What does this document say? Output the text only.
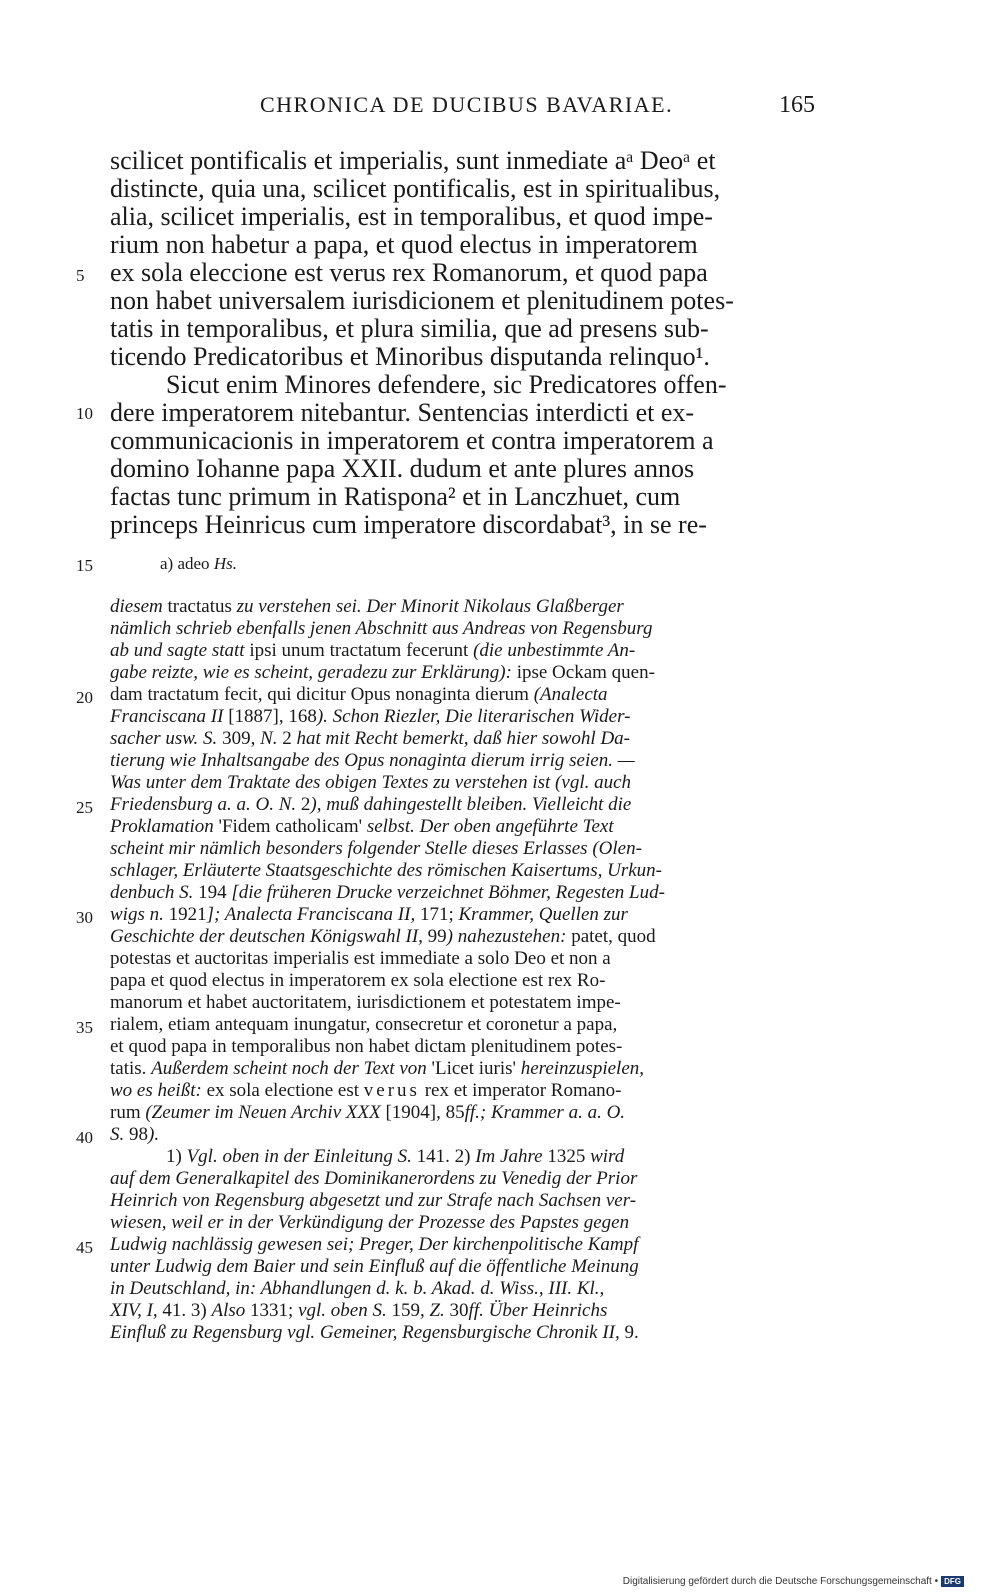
CHRONICA DE DUCIBUS BAVARIAE.	165
scilicet pontificalis et imperialis, sunt inmediate aᵃ Deoᵃ et
distincte, quia una, scilicet pontificalis, est in spiritualibus,
alia, scilicet imperialis, est in temporalibus, et quod impe-
rium non habetur a papa, et quod electus in imperatorem
ex sola eleccione est verus rex Romanorum, et quod papa
non habet universalem iurisdicionem et plenitudinem potes-
tatis in temporalibus, et plura similia, que ad presens sub-
ticendo Predicatoribus et Minoribus disputanda relinquo¹.
Sicut enim Minores defendere, sic Predicatores offen-
dere imperatorem nitebantur. Sentencias interdicti et ex-
communicacionis in imperatorem et contra imperatorem a
domino Iohanne papa XXII. dudum et ante plures annos
factas tunc primum in Ratispona² et in Lanczhuet, cum
princeps Heinricus cum imperatore discordabat³, in se re-
5
10
15	a) adeo Hs.
diesem tractatus zu verstehen sei. Der Minorit Nikolaus Glaßberger
nämlich schrieb ebenfalls jenen Abschnitt aus Andreas von Regensburg
ab und sagte statt ipsi unum tractatum fecerunt (die unbestimmte An-
gabe reizte, wie es scheint, geradezu zur Erklärung): ipse Ockam quen-
dam tractatum fecit, qui dicitur Opus nonaginta dierum (Analecta
Franciscana II [1887], 168). Schon Riezler, Die literarischen Wider-
sacher usw. S. 309, N. 2 hat mit Recht bemerkt, daß hier sowohl Da-
tierung wie Inhaltsangabe des Opus nonaginta dierum irrig seien. —
Was unter dem Traktate des obigen Textes zu verstehen ist (vgl. auch
Friedensburg a. a. O. N. 2), muß dahingestellt bleiben. Vielleicht die
Proklamation 'Fidem catholicam' selbst. Der oben angeführte Text
scheint mir nämlich besonders folgender Stelle dieses Erlasses (Olen-
schlager, Erläuterte Staatsgeschichte des römischen Kaisertums, Urkun-
denbuch S. 194 [die früheren Drucke verzeichnet Böhmer, Regesten Lud-
wigs n. 1921]; Analecta Franciscana II, 171; Krammer, Quellen zur
Geschichte der deutschen Königswahl II, 99) nahezustehen: patet, quod
potestas et auctoritas imperialis est immediate a solo Deo et non a
papa et quod electus in imperatorem ex sola electione est rex Ro-
manorum et habet auctoritatem, iurisdictionem et potestatem impe-
rialem, etiam antequam inungatur, consecretur et coronetur a papa,
et quod papa in temporalibus non habet dictam plenitudinem potes-
tatis. Außerdem scheint noch der Text von 'Licet iuris' hereinzuspielen,
wo es heißt: ex sola electione est verus rex et imperator Romano-
rum (Zeumer im Neuen Archiv XXX [1904], 85ff.; Krammer a. a. O.
S. 98).
1) Vgl. oben in der Einleitung S. 141. 2) Im Jahre 1325 wird
auf dem Generalkapitel des Dominikanerordens zu Venedig der Prior
Heinrich von Regensburg abgesetzt und zur Strafe nach Sachsen ver-
wiesen, weil er in der Verkündigung der Prozesse des Papstes gegen
Ludwig nachlässig gewesen sei; Preger, Der kirchenpolitische Kampf
unter Ludwig dem Baier und sein Einfluß auf die öffentliche Meinung
in Deutschland, in: Abhandlungen d. k. b. Akad. d. Wiss., III. Kl.,
XIV, I, 41. 3) Also 1331; vgl. oben S. 159, Z. 30ff. Über Heinrichs
Einfluß zu Regensburg vgl. Gemeiner, Regensburgische Chronik II, 9.
20
25
30
35
40
45
Digitalisierung gefördert durch die Deutsche Forschungsgemeinschaft • DFG
